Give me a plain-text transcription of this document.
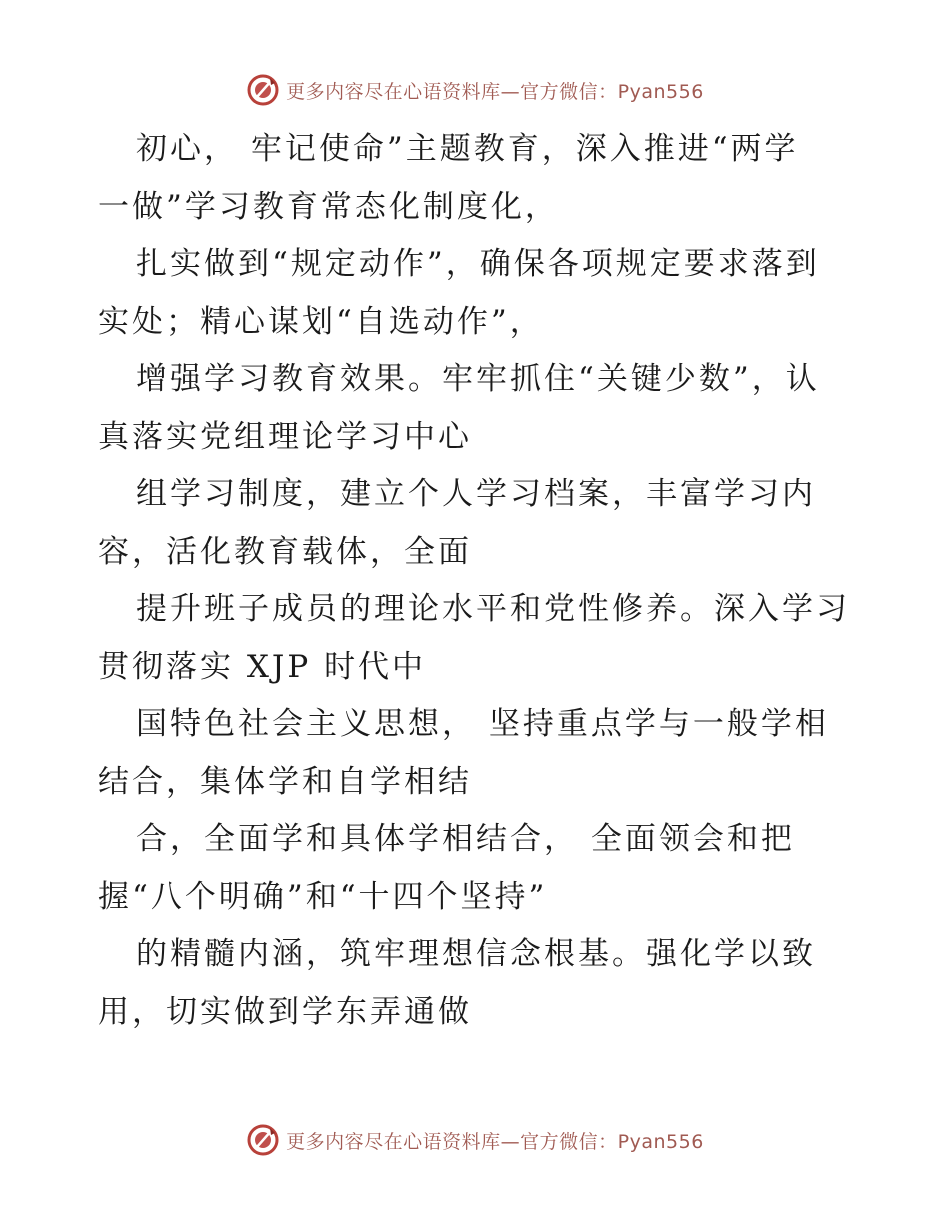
更多内容尽在心语资料库—官方微信：Pyan556
初心， 牢记使命”主题教育，深入推进“两学
一做”学习教育常态化制度化，
扎实做到“规定动作”，确保各项规定要求落到
实处；精心谋划“自选动作”，
增强学习教育效果。牢牢抓住“关键少数”，认
真落实党组理论学习中心
组学习制度，建立个人学习档案，丰富学习内
容，活化教育载体，全面
提升班子成员的理论水平和党性修养。深入学习
贯彻落实 XJP 时代中
国特色社会主义思想， 坚持重点学与一般学相
结合，集体学和自学相结
合，全面学和具体学相结合， 全面领会和把
握“八个明确”和“十四个坚持”
的精髓内涵，筑牢理想信念根基。强化学以致
用，切实做到学东弄通做
更多内容尽在心语资料库—官方微信：Pyan556
